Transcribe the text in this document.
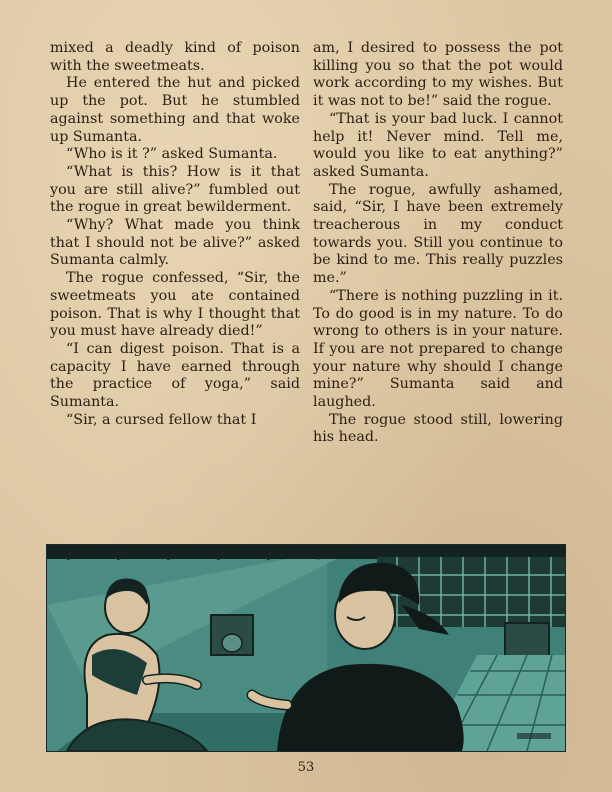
mixed a deadly kind of poison with the sweetmeats.

He entered the hut and picked up the pot. But he stumbled against something and that woke up Sumanta.

“Who is it ?” asked Sumanta.

“What is this? How is it that you are still alive?” fumbled out the rogue in great bewilderment.

“Why? What made you think that I should not be alive?” asked Sumanta calmly.

The rogue confessed, “Sir, the sweetmeats you ate contained poison. That is why I thought that you must have already died!”

“I can digest poison. That is a capacity I have earned through the practice of yoga,” said Sumanta.

“Sir, a cursed fellow that I

am, I desired to possess the pot killing you so that the pot would work according to my wishes. But it was not to be!” said the rogue.

“That is your bad luck. I cannot help it! Never mind. Tell me, would you like to eat anything?” asked Sumanta.

The rogue, awfully ashamed, said, “Sir, I have been extremely treacherous in my conduct towards you. Still you continue to be kind to me. This really puzzles me.”

“There is nothing puzzling in it. To do good is in my nature. To do wrong to others is in your nature. If you are not prepared to change your nature why should I change mine?” Sumanta said and laughed.

The rogue stood still, lowering his head.

53
